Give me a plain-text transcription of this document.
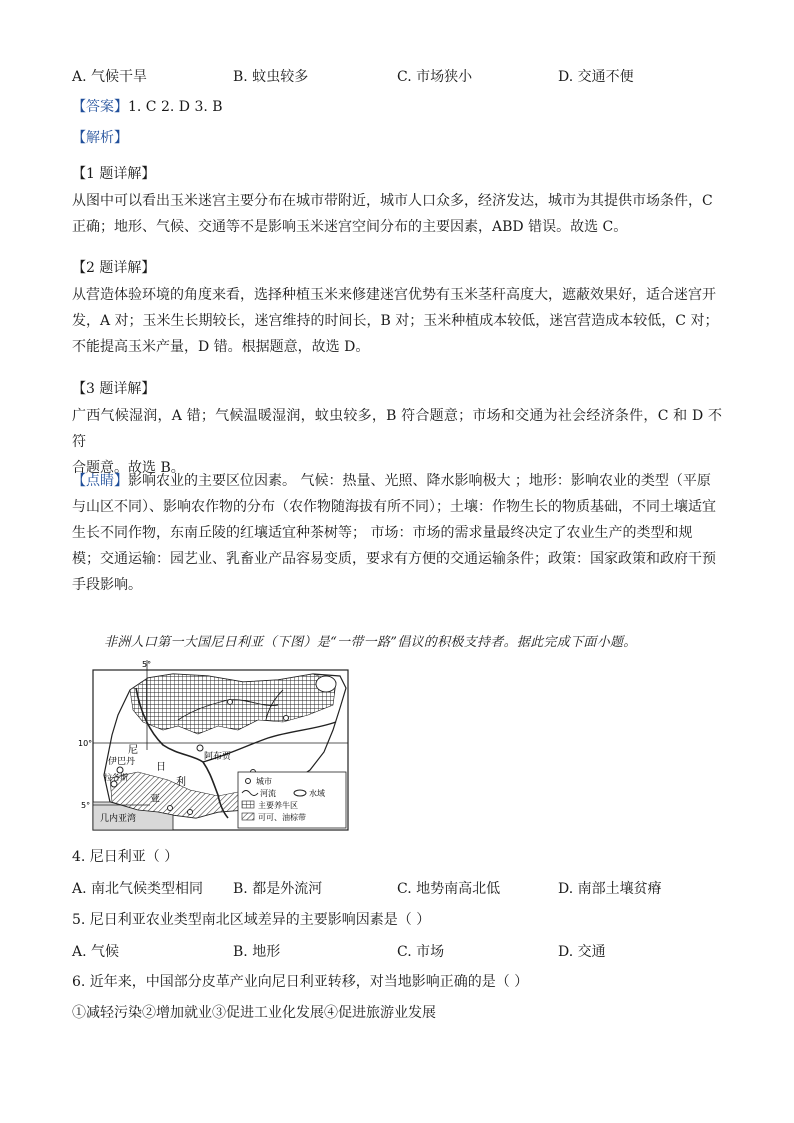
A. 气候干旱	B. 蚊虫较多	C. 市场狭小	D. 交通不便
【答案】1. C 2. D 3. B
【解析】
【1 题详解】
从图中可以看出玉米迷宫主要分布在城市带附近，城市人口众多，经济发达，城市为其提供市场条件，C
正确；地形、气候、交通等不是影响玉米迷宫空间分布的主要因素，ABD 错误。故选 C。
【2 题详解】
从营造体验环境的角度来看，选择种植玉米来修建迷宫优势有玉米茎秆高度大，遮蔽效果好，适合迷宫开
发，A 对；玉米生长期较长，迷宫维持的时间长，B 对；玉米种植成本较低，迷宫营造成本较低，C 对；
不能提高玉米产量，D 错。根据题意，故选 D。
【3 题详解】
广西气候湿润，A 错；气候温暖湿润，蚊虫较多，B 符合题意；市场和交通为社会经济条件，C 和 D 不符
合题意。故选 B。
【点睛】影响农业的主要区位因素。 气候：热量、光照、降水影响极大 ；地形：影响农业的类型（平原
与山区不同）、影响农作物的分布（农作物随海拔有所不同）；土壤：作物生长的物质基础，不同土壤适宜
生长不同作物，东南丘陵的红壤适宜种茶树等； 市场：市场的需求量最终决定了农业生产的类型和规
模；交通运输：园艺业、乳畜业产品容易变质，要求有方便的交通运输条件；政策：国家政策和政府干预
手段影响。
非洲人口第一大国尼日利亚（下图）是“一带一路”倡议的积极支持者。据此完成下面小题。
5°
10°
5°
阿布贾
伊巴丹
拉各斯
尼
日
利
亚
几内亚湾
城市
河流	水域
主要养牛区
可可、油棕带
4. 尼日利亚（ ）
A. 南北气候类型相同 B. 都是外流河	C. 地势南高北低	D. 南部土壤贫瘠
5. 尼日利亚农业类型南北区域差异的主要影响因素是（ ）
A. 气候	B. 地形	C. 市场	D. 交通
6. 近年来，中国部分皮革产业向尼日利亚转移，对当地影响正确的是（ ）
①减轻污染②增加就业③促进工业化发展④促进旅游业发展
